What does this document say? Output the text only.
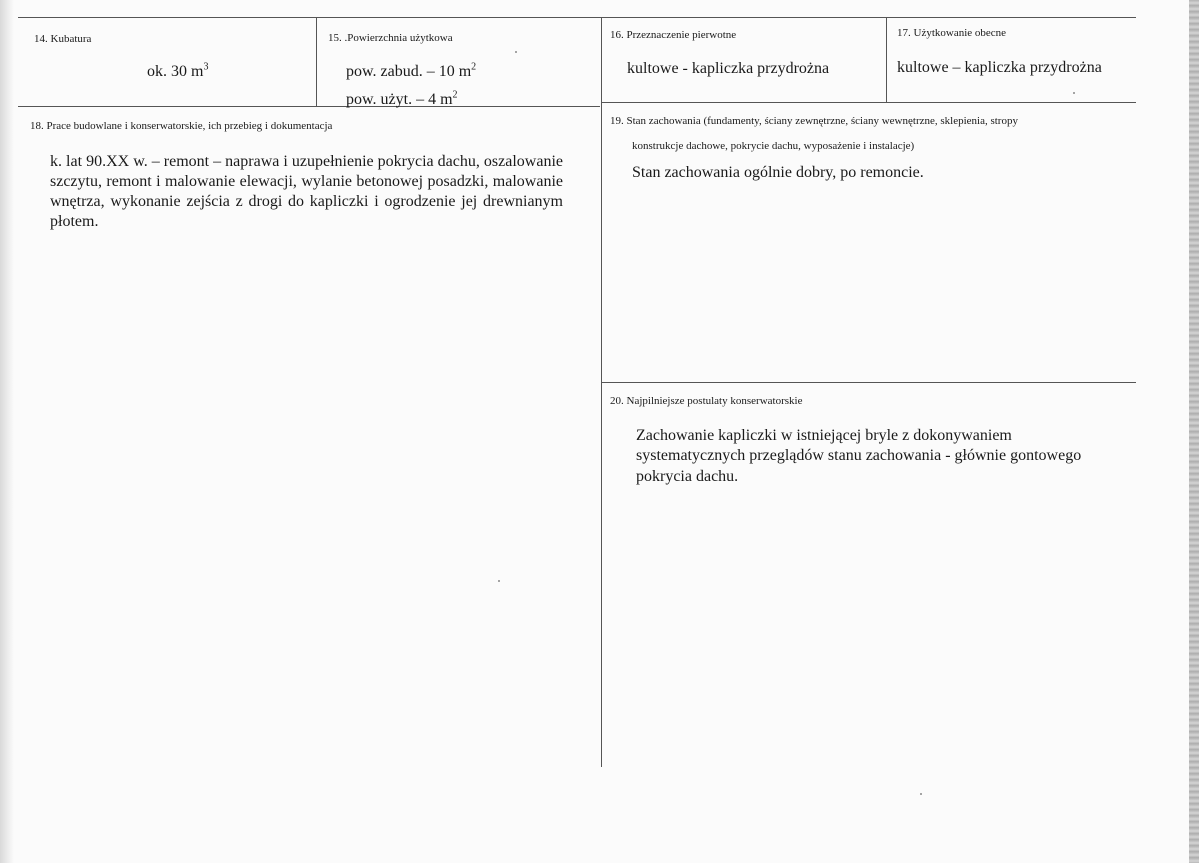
14. Kubatura
ok. 30 $m^3$
15. .Powierzchnia użytkowa
pow. zabud. – 10 $m^2$
pow. użyt. – 4 $m^2$
16. Przeznaczenie pierwotne
kultowe - kapliczka przydrożna
17. Użytkowanie obecne
kultowe – kapliczka przydrożna
18. Prace budowlane i konserwatorskie, ich przebieg i dokumentacja
k. lat 90.XX w. – remont – naprawa i uzupełnienie pokrycia dachu, oszalowanie szczytu, remont i malowanie elewacji, wylanie betonowej posadzki, malowanie wnętrza, wykonanie zejścia z drogi do kapliczki i ogrodzenie jej drewnianym płotem.
19. Stan zachowania (fundamenty, ściany zewnętrzne, ściany wewnętrzne, sklepienia, stropy
konstrukcje dachowe, pokrycie dachu, wyposażenie i instalacje)
Stan zachowania ogólnie dobry, po remoncie.
20. Najpilniejsze postulaty konserwatorskie
Zachowanie kapliczki w istniejącej bryle z dokonywaniem
systematycznych przeglądów stanu zachowania - głównie gontowego
pokrycia dachu.
